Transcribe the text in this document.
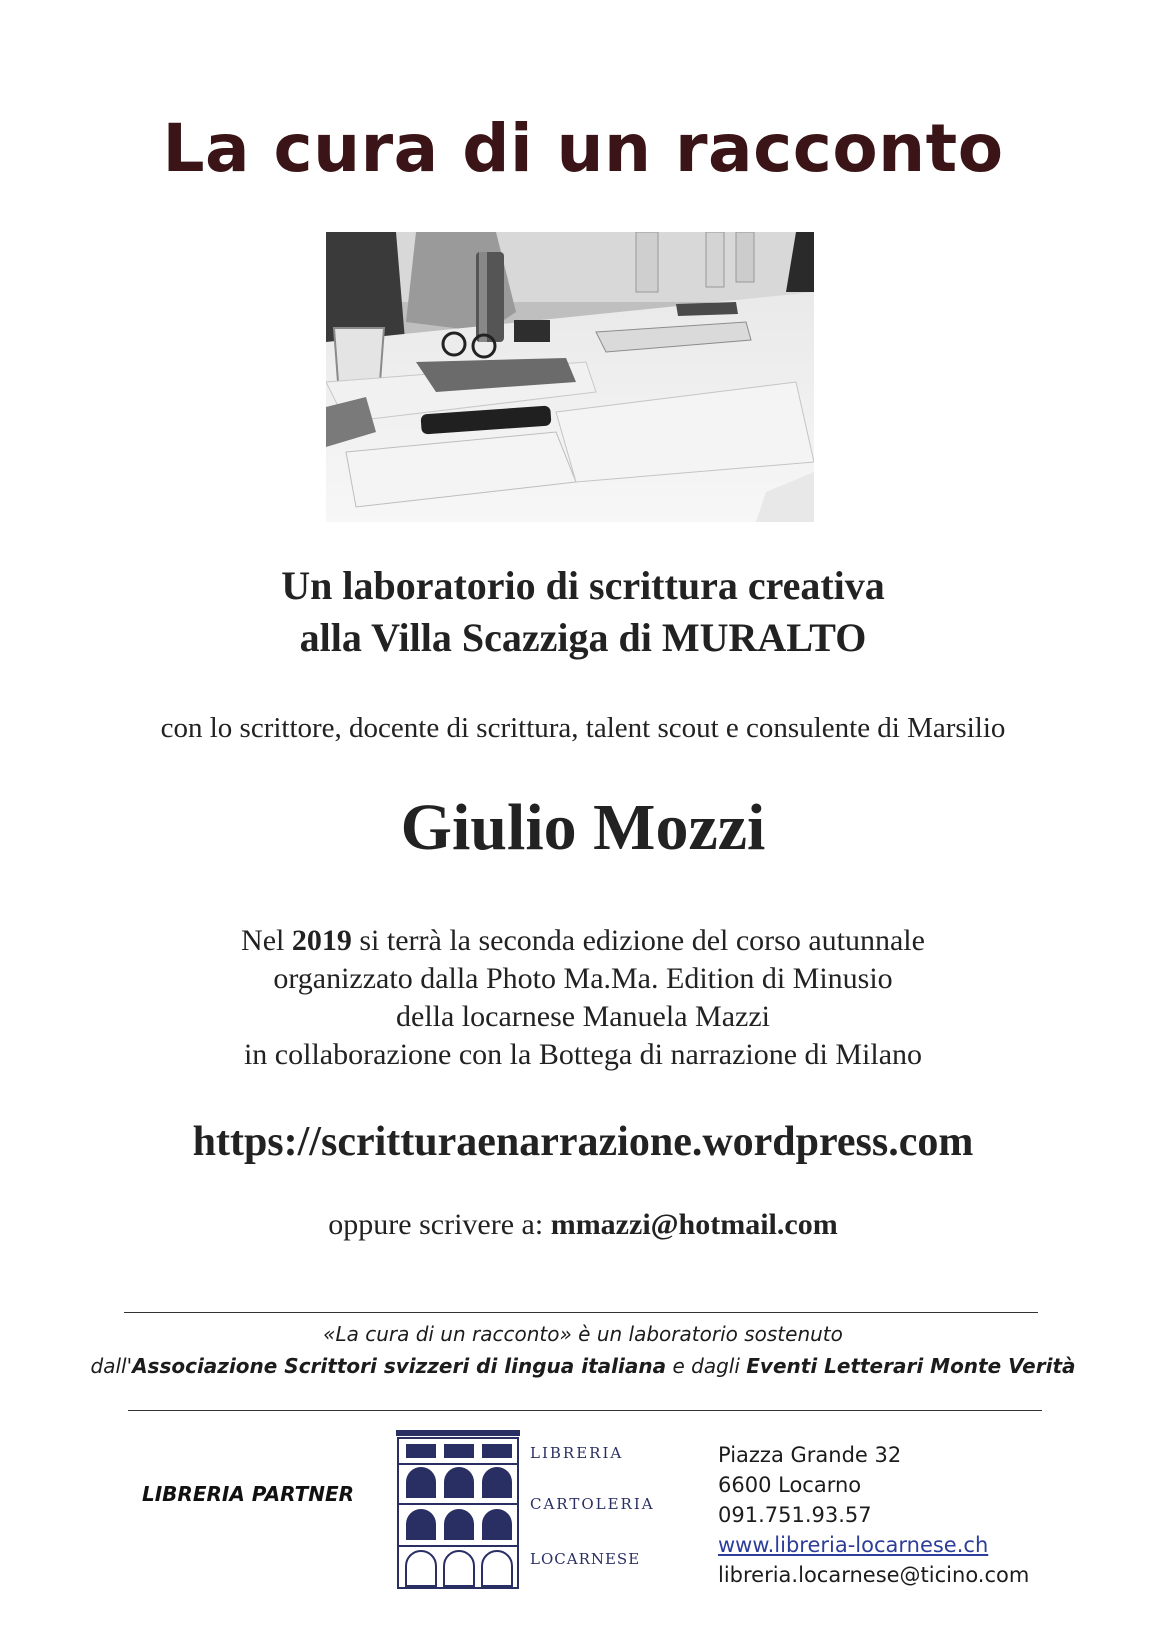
La cura di un racconto
Un laboratorio di scrittura creativa
alla Villa Scazziga di MURALTO
con lo scrittore, docente di scrittura, talent scout e consulente di Marsilio
Giulio Mozzi
Nel 2019 si terrà la seconda edizione del corso autunnale
organizzato dalla Photo Ma.Ma. Edition di Minusio
della locarnese Manuela Mazzi
in collaborazione con la Bottega di narrazione di Milano
https://scritturaenarrazione.wordpress.com
oppure scrivere a: mmazzi@hotmail.com
«La cura di un racconto» è un laboratorio sostenuto
dall'Associazione Scrittori svizzeri di lingua italiana e dagli Eventi Letterari Monte Verità
LIBRERIA PARTNER
LIBRERIA
CARTOLERIA
LOCARNESE
Piazza Grande 32
6600 Locarno
091.751.93.57
www.libreria-locarnese.ch
libreria.locarnese@ticino.com
